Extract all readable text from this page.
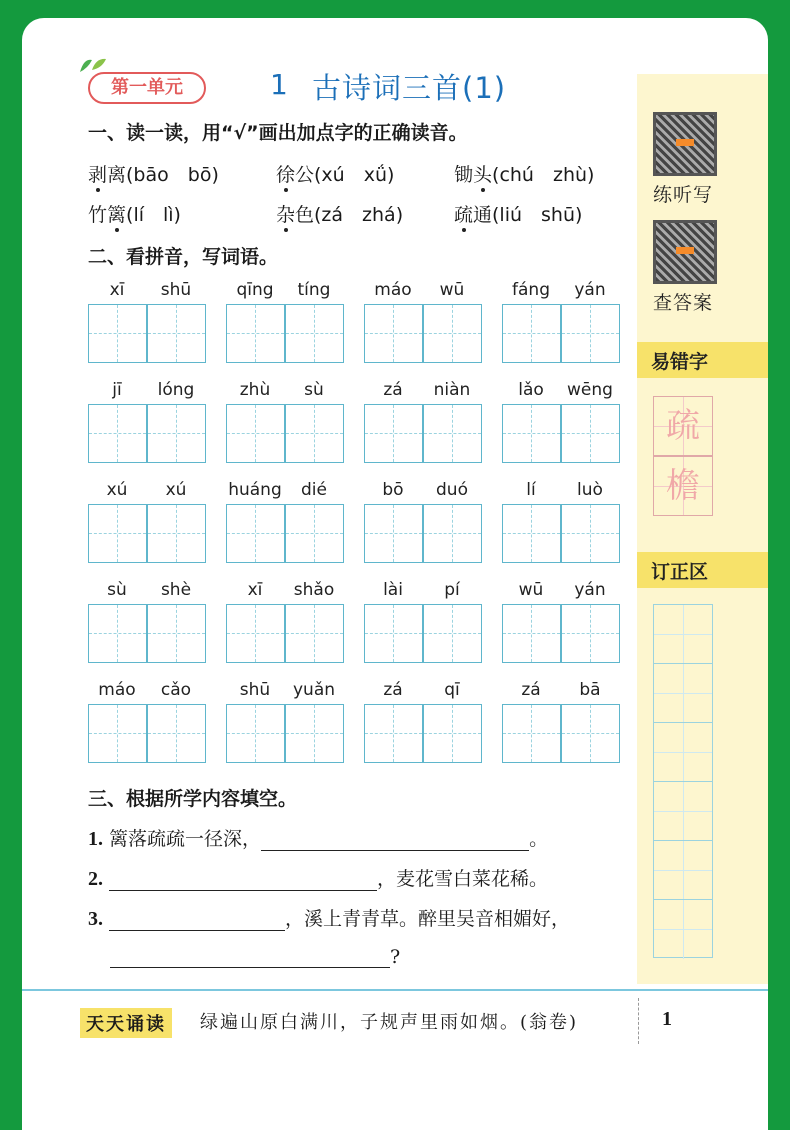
练听写
查答案
易错字
疏
檐
订正区
第一单元	1 古诗词三首(1)
一、读一读，用“√”画出加点字的正确读音。
剥离(bāo　bō)	徐公(xú　xǘ)	锄头(chú　zhù)
竹篱(lí　lì)	杂色(zá　zhá)	疏通(liú　shū)
二、看拼音，写词语。
xī	shū	qīng	tíng	máo	wū	fáng	yán
jī	lóng	zhù	sù	zá	niàn	lǎo	wēng
xú	xú	huáng	dié	bō	duó	lí	luò
sù	shè	xī	shǎo	lài	pí	wū	yán
máo	cǎo	shū	yuǎn	zá	qī	zá	bā
三、根据所学内容填空。
1. 篱落疏疏一径深，	。
2.	，麦花雪白菜花稀。
3.	，溪上青青草。醉里吴音相媚好，
?
天天诵读	绿遍山原白满川，子规声里雨如烟。(翁卷)	1
